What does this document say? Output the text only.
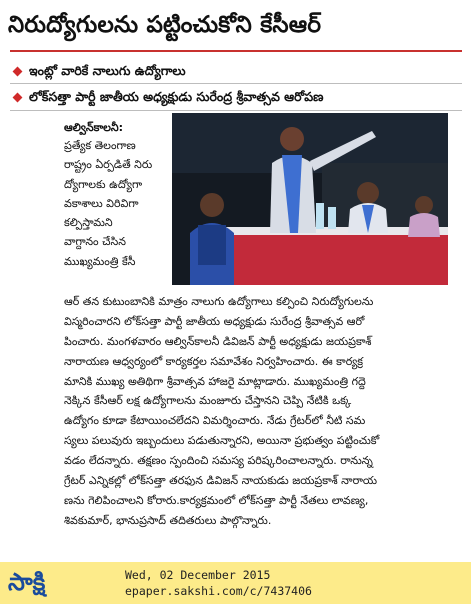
నిరుద్యోగులను పట్టించుకోని కేసీఆర్
ఇంట్లో వారికే నాలుగు ఉద్యోగాలు
లోక్‌సత్తా పార్టీ జాతీయ అధ్యక్షుడు సురేంద్ర శ్రీవాత్సవ ఆరోపణ
ఆల్విన్‌కాలనీ:
ప్రత్యేక తెలంగాణ
రాష్ట్రం ఏర్పడితే నిరు
ద్యోగాలకు ఉద్యోగా
వకాశాలు విరివిగా
కల్పిస్తామని
వాగ్దానం చేసిన
ముఖ్యమంత్రి కేసీ
ఆర్ తన కుటుంబానికి మాత్రం నాలుగు ఉద్యోగాలు కల్పించి నిరుద్యోగులను
విస్మరించారని లోక్‌సత్తా పార్టీ జాతీయ అధ్యక్షుడు సురేంద్ర శ్రీవాత్సవ ఆరో
పించారు. మంగళవారం ఆల్విన్‌కాలనీ డివిజన్ పార్టీ అధ్యక్షుడు జయప్రకాశ్
నారాయణ ఆధ్వర్యంలో కార్యకర్తల సమావేశం నిర్వహించారు. ఈ కార్యక్ర
మానికి ముఖ్య అతిథిగా శ్రీవాత్సవ హాజరై మాట్లాడారు. ముఖ్యమంత్రి గద్దె
నెక్కిన కేసీఆర్ లక్ష ఉద్యోగాలను మంజూరు చేస్తానని చెప్పి నేటికి ఒక్క
ఉద్యోగం కూడా కేటాయించలేదని విమర్శించారు. నేడు గ్రేటర్‌లో నీటి సమ
స్యలు పలువురు ఇబ్బందులు పడుతున్నారని, అయినా ప్రభుత్వం పట్టించుకో
వడం లేదన్నారు. తక్షణం స్పందించి సమస్య పరిష్కరించాలన్నారు. రానున్న
గ్రేటర్ ఎన్నికల్లో లోక్‌సత్తా తరఫున డివిజన్ నాయకుడు జయప్రకాశ్ నారాయ
ణను గెలిపించాలని కోరారు.కార్యక్రమంలో లోక్‌సత్తా పార్టీ నేతలు లావణ్య,
శివకుమార్, భానుప్రసాద్ తదితరులు పాల్గొన్నారు.
సాక్షి	Wed, 02 December 2015
epaper.sakshi.com/c/7437406
